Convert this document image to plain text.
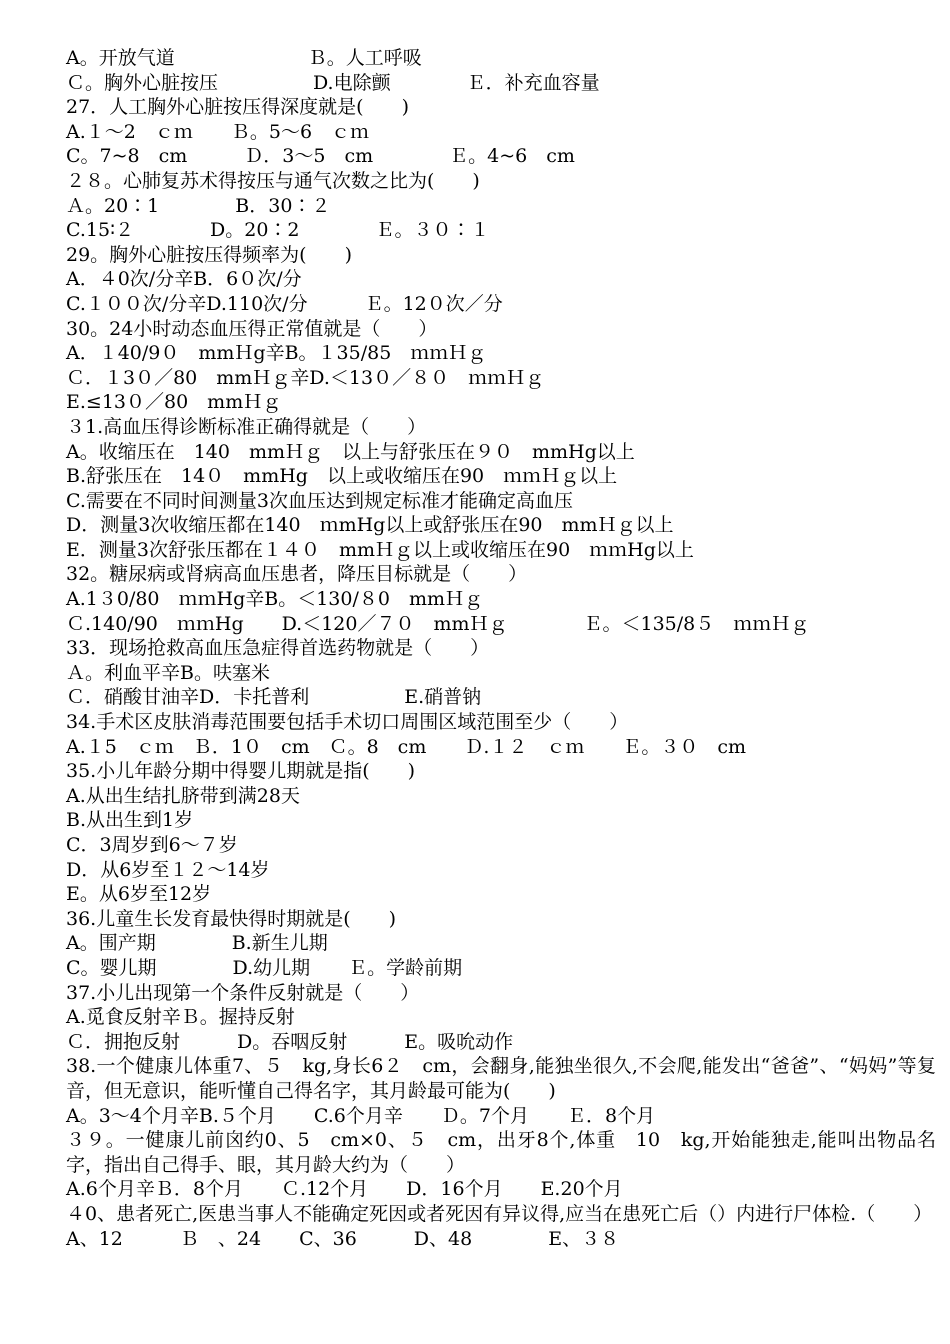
A。开放气道　　　　　　　Ｂ。人工呼吸
Ｃ。胸外心脏按压　　　　　D.电除颤　　　　Ｅ．补充血容量
27．人工胸外心脏按压得深度就是(　　)
A.１～2　ｃｍ　　Ｂ。5～6　ｃｍ
C。7~8　cm　　　Ｄ．3～5　cm　　　　Ｅ。4~6　cm
２８。心肺复苏术得按压与通气次数之比为(　　)
Ａ。20∶1　　　　B．30∶２
C.15∶２　　　　D。20∶2　　　　Ｅ。３０∶１
29。胸外心脏按压得频率为(　　)
A．４0次/分⾟B．6０次/分
C.１００次/分⾟D.110次/分　　　Ｅ。12０次／分
30。24小时动态血压得正常值就是（　　）
A．１40/9０　mmＨg⾟B。１35/85　ｍｍＨｇ
Ｃ．１3０／80　mmＨｇ⾟D.＜13０／８０　ｍｍＨｇ
E.≤13０／80　mmＨｇ
３1.高血压得诊断标准正确得就是（　　）
A。收缩压在　140　mmＨｇ　以上与舒张压在９０　mmHg以上
B.舒张压在　14０　mmHg　以上或收缩压在90　ｍｍＨｇ以上
C.需要在不同时间测量3次血压达到规定标准才能确定高血压
D．测量3次收缩压都在140　ｍmHg以上或舒张压在90　mmＨｇ以上
E．测量3次舒张压都在１４０　mmＨｇ以上或收缩压在90　ｍｍHg以上
32。糖尿病或肾病高血压患者，降压目标就是（　　）
A.1３0/80　ｍｍHg⾟B。＜130/８0　mmＨｇ
Ｃ.140/90　ｍｍHg　　D.＜120／７０　mmＨｇ　　　　Ｅ。＜135/8５　ｍｍＨｇ
33．现场抢救高血压急症得首选药物就是（　　）
Ａ。利血平⾟B。呋塞米
Ｃ．硝酸甘油⾟D．卡托普利　　　　　E.硝普钠
34.手术区皮肤消毒范围要包括手术切口周围区域范围至少（　　）
A.１5　ｃｍ　Ｂ．1０　cm　Ｃ。8　cm　　Ｄ.１２　ｃｍ　　Ｅ。３０　cm
35.小儿年龄分期中得婴儿期就是指(　　)
A.从出生结扎脐带到满28天
B.从出生到1岁
C．3周岁到6～７岁
D．从6岁至１２～14岁
E。从6岁至12岁
36.儿童生长发育最快得时期就是(　　)
A。围产期　　　　B.新生儿期
C。婴儿期　　　　D.幼儿期　　Ｅ。学龄前期
37.小儿出现第一个条件反射就是（　　）
A.觅食反射⾟Ｂ。握持反射
Ｃ．拥抱反射　　　D。吞咽反射　　　E。吸吮动作
38.一个健康儿体重7、５　kg,身长6２　cm，会翻身,能独坐很久,不会爬,能发出“爸爸”、“妈妈”等复音，但无意识，能听懂自己得名字，其月龄最可能为(　　)
A。3～4个月⾟B.５个月　　C.6个月⾟　　Ｄ。7个月　　Ｅ．8个月
３９。一健康儿前囟约0、5　cm×0、５　cm，出牙8个,体重　10　kg,开始能独走,能叫出物品名字，指出自己得手、眼，其月龄大约为（　　）
A.6个月⾟Ｂ．8个月　　Ｃ.12个月　　D．16个月　　E.20个月
４0、患者死亡,医患当事人不能确定死因或者死因有异议得,应当在患死亡后（）内进行尸体检.（　　）
A、12　　　Ｂ　、24　　C、36　　　D、48　　　　E、３８
